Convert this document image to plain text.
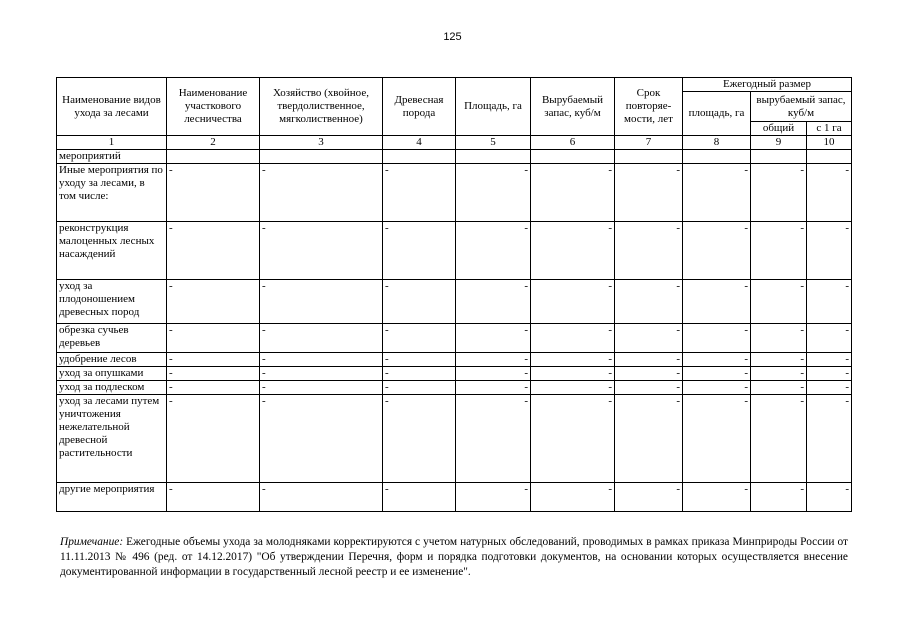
125
Наименование видов ухода за лесами	Наименование участкового лесничества	Хозяйство (хвойное, твердолиственное, мягколиственное)	Древесная порода	Площадь, га	Вырубаемый запас, куб/м	Срок повторяе-мости, лет	Ежегодный размер		
							площадь, га	вырубаемый запас, куб/м	
								общий	с 1 га
1	2	3	4	5	6	7	8	9	10
мероприятий									
Иные мероприятия по уходу за лесами, в том числе:	-	-	-	-	-	-	-	-	-
реконструкция малоценных лесных насаждений	-	-	-	-	-	-	-	-	-
уход за плодоношением древесных пород	-	-	-	-	-	-	-	-	-
обрезка сучьев деревьев	-	-	-	-	-	-	-	-	-
удобрение лесов	-	-	-	-	-	-	-	-	-
уход за опушками	-	-	-	-	-	-	-	-	-
уход за подлеском	-	-	-	-	-	-	-	-	-
уход за лесами путем уничтожения нежелательной древесной растительности	-	-	-	-	-	-	-	-	-
другие мероприятия	-	-	-	-	-	-	-	-	-
Примечание: Ежегодные объемы ухода за молодняками корректируются с учетом натурных обследований, проводимых в рамках приказа Минприроды России от 11.11.2013 № 496 (ред. от 14.12.2017) "Об утверждении Перечня, форм и порядка подготовки документов, на основании которых осуществляется внесение документированной информации в государственный лесной реестр и ее изменение".
